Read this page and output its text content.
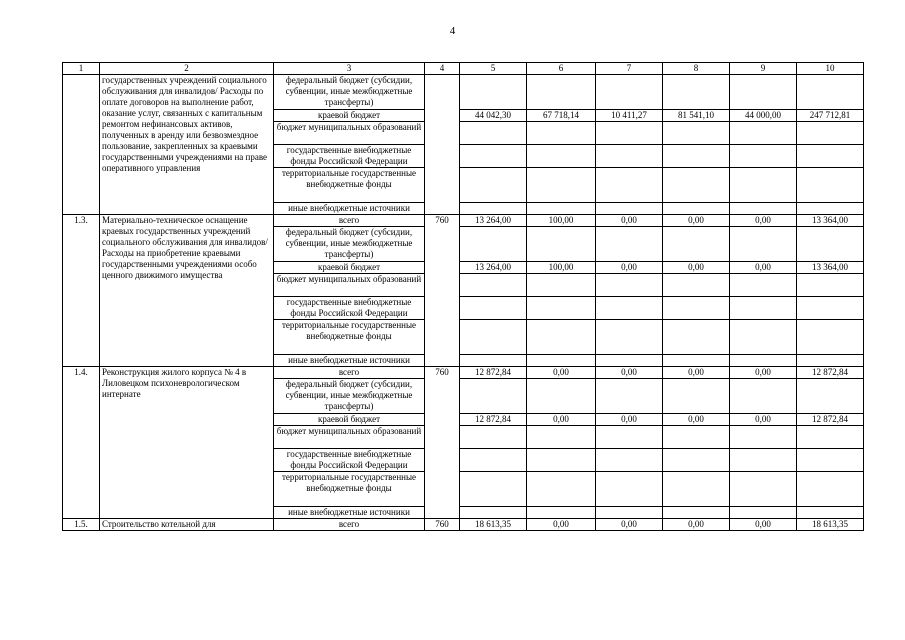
4
1	2	3	4	5	6	7	8	9	10
	государственных учреждений социального обслуживания для инвалидов/ Расходы по оплате договоров на выполнение работ, оказание услуг, связанных с капитальным ремонтом нефинансовых активов, полученных в аренду или безвозмездное пользование, закрепленных за краевыми государственными учреждениями на праве оперативного управления	федеральный бюджет (субсидии, субвенции, иные межбюджетные трансферты)							
		краевой бюджет		44 042,30	67 718,14	10 411,27	81 541,10	44 000,00	247 712,81
		бюджет муниципальных образований							
		государственные внебюджетные фонды Российской Федерации							
		территориальные государственные внебюджетные фонды							
		иные внебюджетные источники							
1.3.	Материально-техническое оснащение краевых государственных учреждений социального обслуживания для инвалидов/ Расходы на приобретение краевыми государственными учреждениями особо ценного движимого имущества	всего	760	13 264,00	100,00	0,00	0,00	0,00	13 364,00
		федеральный бюджет (субсидии, субвенции, иные межбюджетные трансферты)							
		краевой бюджет		13 264,00	100,00	0,00	0,00	0,00	13 364,00
		бюджет муниципальных образований							
		государственные внебюджетные фонды Российской Федерации							
		территориальные государственные внебюджетные фонды							
		иные внебюджетные источники							
1.4.	Реконструкция жилого корпуса № 4 в Лиловецком психоневрологическом интернате	всего	760	12 872,84	0,00	0,00	0,00	0,00	12 872,84
		федеральный бюджет (субсидии, субвенции, иные межбюджетные трансферты)							
		краевой бюджет		12 872,84	0,00	0,00	0,00	0,00	12 872,84
		бюджет муниципальных образований							
		государственные внебюджетные фонды Российской Федерации							
		территориальные государственные внебюджетные фонды							
		иные внебюджетные источники							
1.5.	Строительство котельной для	всего	760	18 613,35	0,00	0,00	0,00	0,00	18 613,35
